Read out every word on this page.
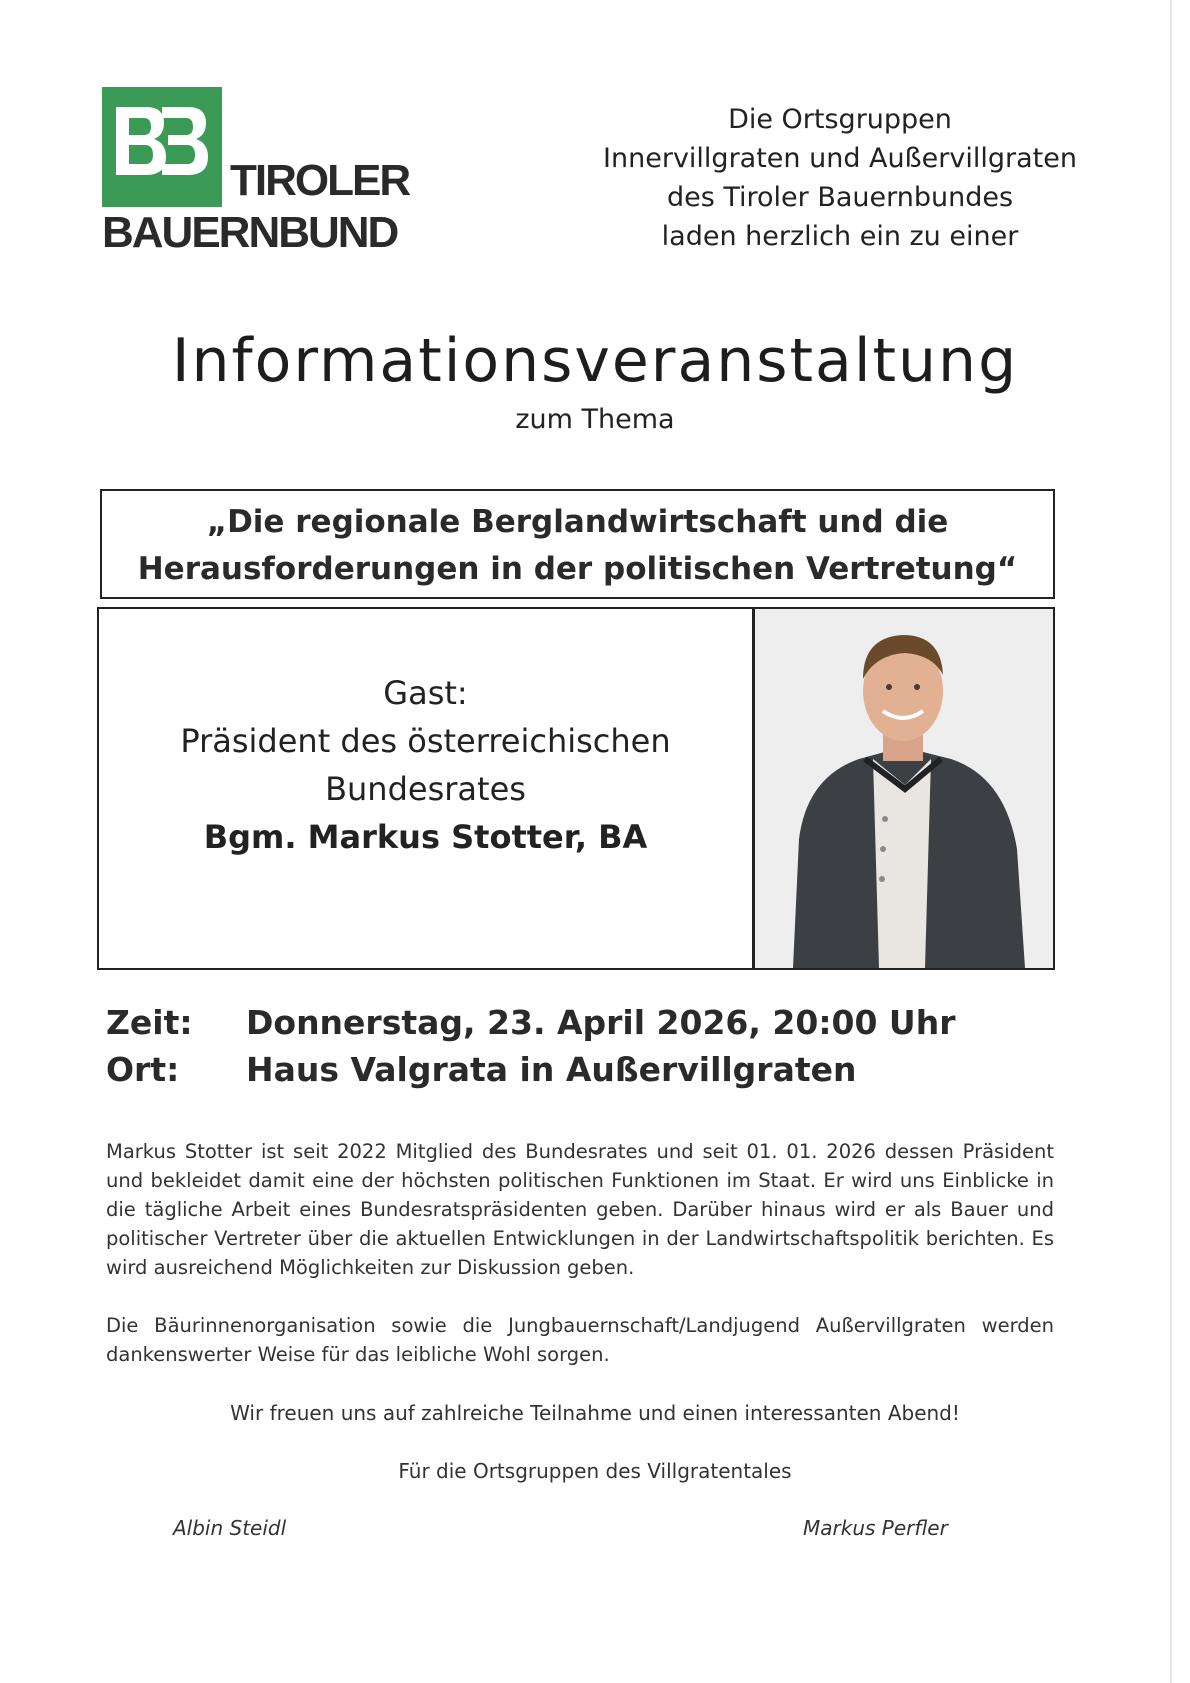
TIROLER
BAUERNBUND
Die Ortsgruppen
Innervillgraten und Außervillgraten
des Tiroler Bauernbundes
laden herzlich ein zu einer
Informationsveranstaltung
zum Thema
„Die regionale Berglandwirtschaft und die
Herausforderungen in der politischen Vertretung“
Gast:
Präsident des österreichischen
Bundesrates
Bgm. Markus Stotter, BA
Zeit: Donnerstag, 23. April 2026, 20:00 Uhr
Ort: Haus Valgrata in Außervillgraten
Markus Stotter ist seit 2022 Mitglied des Bundesrates und seit 01. 01. 2026 dessen Präsident und bekleidet damit eine der höchsten politischen Funktionen im Staat. Er wird uns Einblicke in die tägliche Arbeit eines Bundesratspräsidenten geben. Darüber hinaus wird er als Bauer und politischer Vertreter über die aktuellen Entwicklungen in der Landwirtschaftspolitik berichten. Es wird ausreichend Möglichkeiten zur Diskussion geben.
Die Bäurinnenorganisation sowie die Jungbauernschaft/Landjugend Außervillgraten werden dankenswerter Weise für das leibliche Wohl sorgen.
Wir freuen uns auf zahlreiche Teilnahme und einen interessanten Abend!
Für die Ortsgruppen des Villgratentales
Albin Steidl	Markus Perfler
